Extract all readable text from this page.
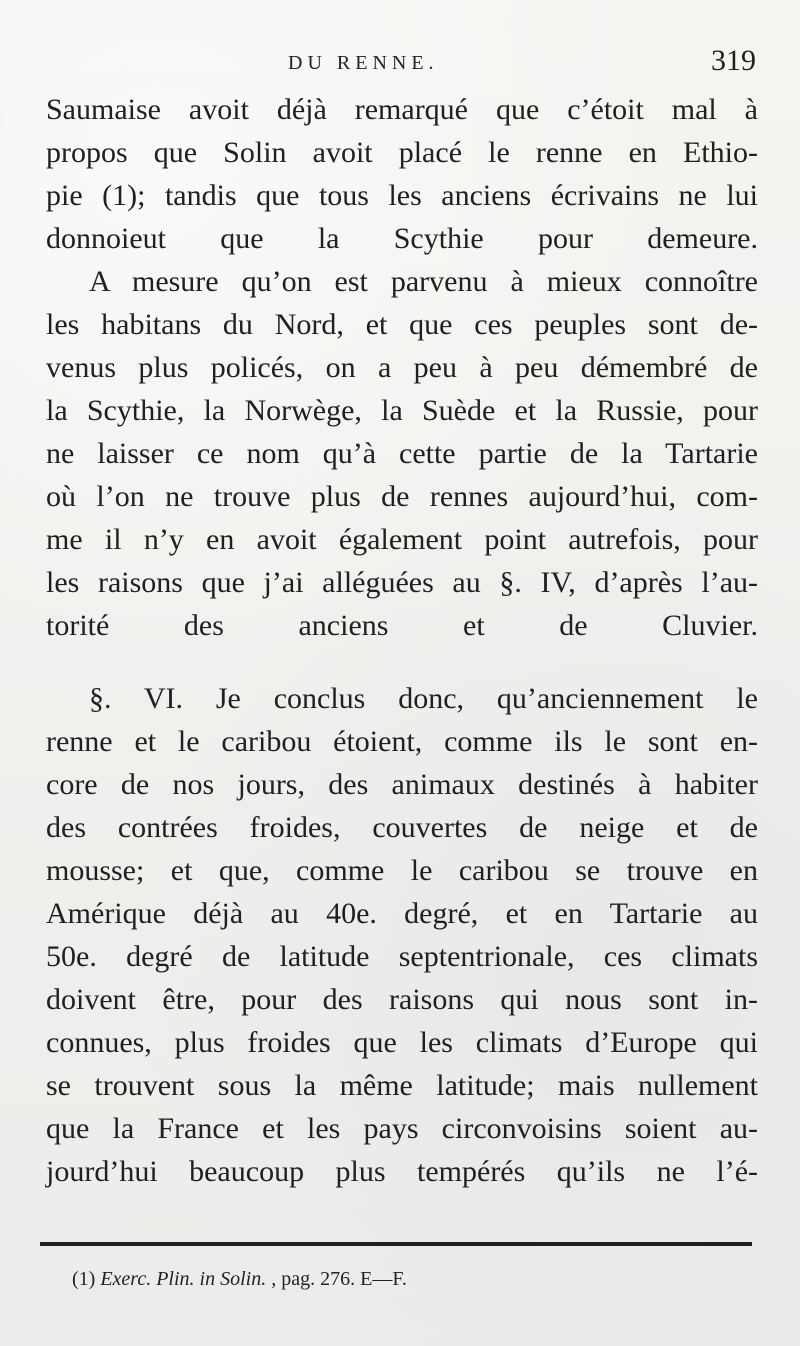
DU RENNE.	319
Saumaise avoit déjà remarqué que c’étoit mal à
propos que Solin avoit placé le renne en Ethio-
pie (1); tandis que tous les anciens écrivains ne lui
donnoieut que la Scythie pour demeure.
A mesure qu’on est parvenu à mieux connoître
les habitans du Nord, et que ces peuples sont de-
venus plus policés, on a peu à peu démembré de
la Scythie, la Norwège, la Suède et la Russie, pour
ne laisser ce nom qu’à cette partie de la Tartarie
où l’on ne trouve plus de rennes aujourd’hui, com-
me il n’y en avoit également point autrefois, pour
les raisons que j’ai alléguées au §. IV, d’après l’au-
torité des anciens et de Cluvier.
§. VI. Je conclus donc, qu’anciennement le
renne et le caribou étoient, comme ils le sont en-
core de nos jours, des animaux destinés à habiter
des contrées froides, couvertes de neige et de
mousse; et que, comme le caribou se trouve en
Amérique déjà au 40e. degré, et en Tartarie au
50e. degré de latitude septentrionale, ces climats
doivent être, pour des raisons qui nous sont in-
connues, plus froides que les climats d’Europe qui
se trouvent sous la même latitude; mais nullement
que la France et les pays circonvoisins soient au-
jourd’hui beaucoup plus tempérés qu’ils ne l’é-
(1) Exerc. Plin. in Solin. , pag. 276. E—F.
